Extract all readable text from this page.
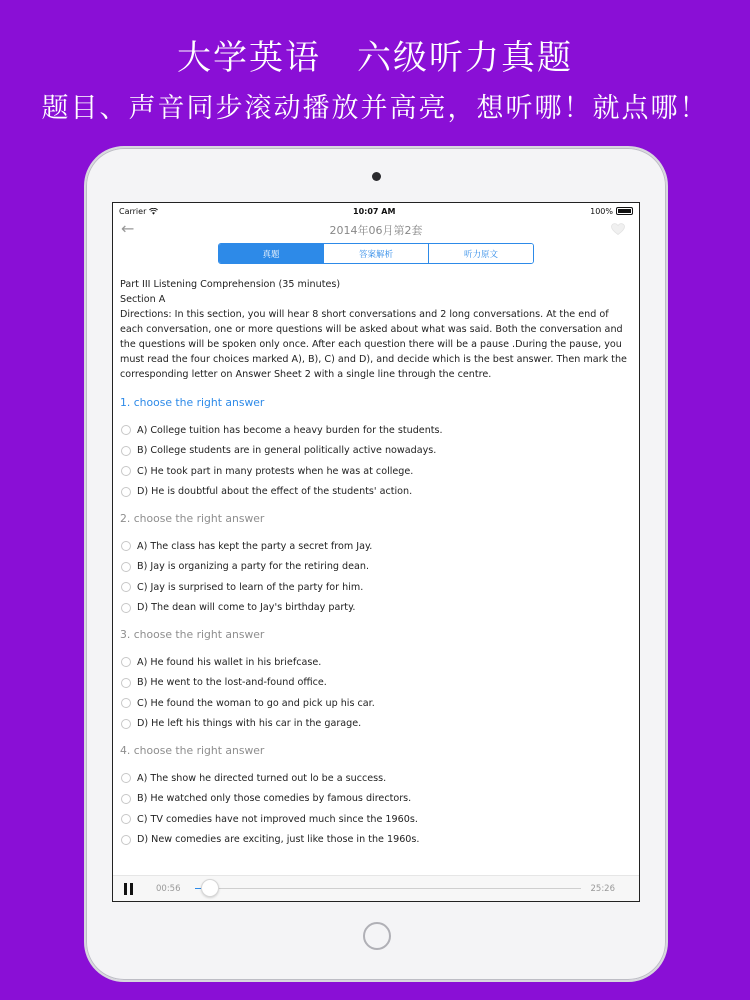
大学英语　六级听力真题
题目、声音同步滚动播放并高亮，想听哪！就点哪！
Carrier	10:07 AM	100%
←	2014年06月第2套
真题	答案解析	听力原文

Part III Listening Comprehension (35 minutes)

Section A

Directions: In this section, you will hear 8 short conversations and 2 long conversations. At the end of each conversation, one or more questions will be asked about what was said. Both the conversation and the questions will be spoken only once. After each question there will be a pause .During the pause, you must read the four choices marked A), B), C) and D), and decide which is the best answer. Then mark the corresponding letter on Answer Sheet 2 with a single line through the centre.

1. choose the right answer
A) College tuition has become a heavy burden for the students.
B) College students are in general politically active nowadays.
C) He took part in many protests when he was at college.
D) He is doubtful about the effect of the students' action.
2. choose the right answer
A) The class has kept the party a secret from Jay.
B) Jay is organizing a party for the retiring dean.
C) Jay is surprised to learn of the party for him.
D) The dean will come to Jay's birthday party.
3. choose the right answer
A) He found his wallet in his briefcase.
B) He went to the lost-and-found office.
C) He found the woman to go and pick up his car.
D) He left his things with his car in the garage.
4. choose the right answer
A) The show he directed turned out lo be a success.
B) He watched only those comedies by famous directors.
C) TV comedies have not improved much since the 1960s.
D) New comedies are exciting, just like those in the 1960s.
00:56	25:26
